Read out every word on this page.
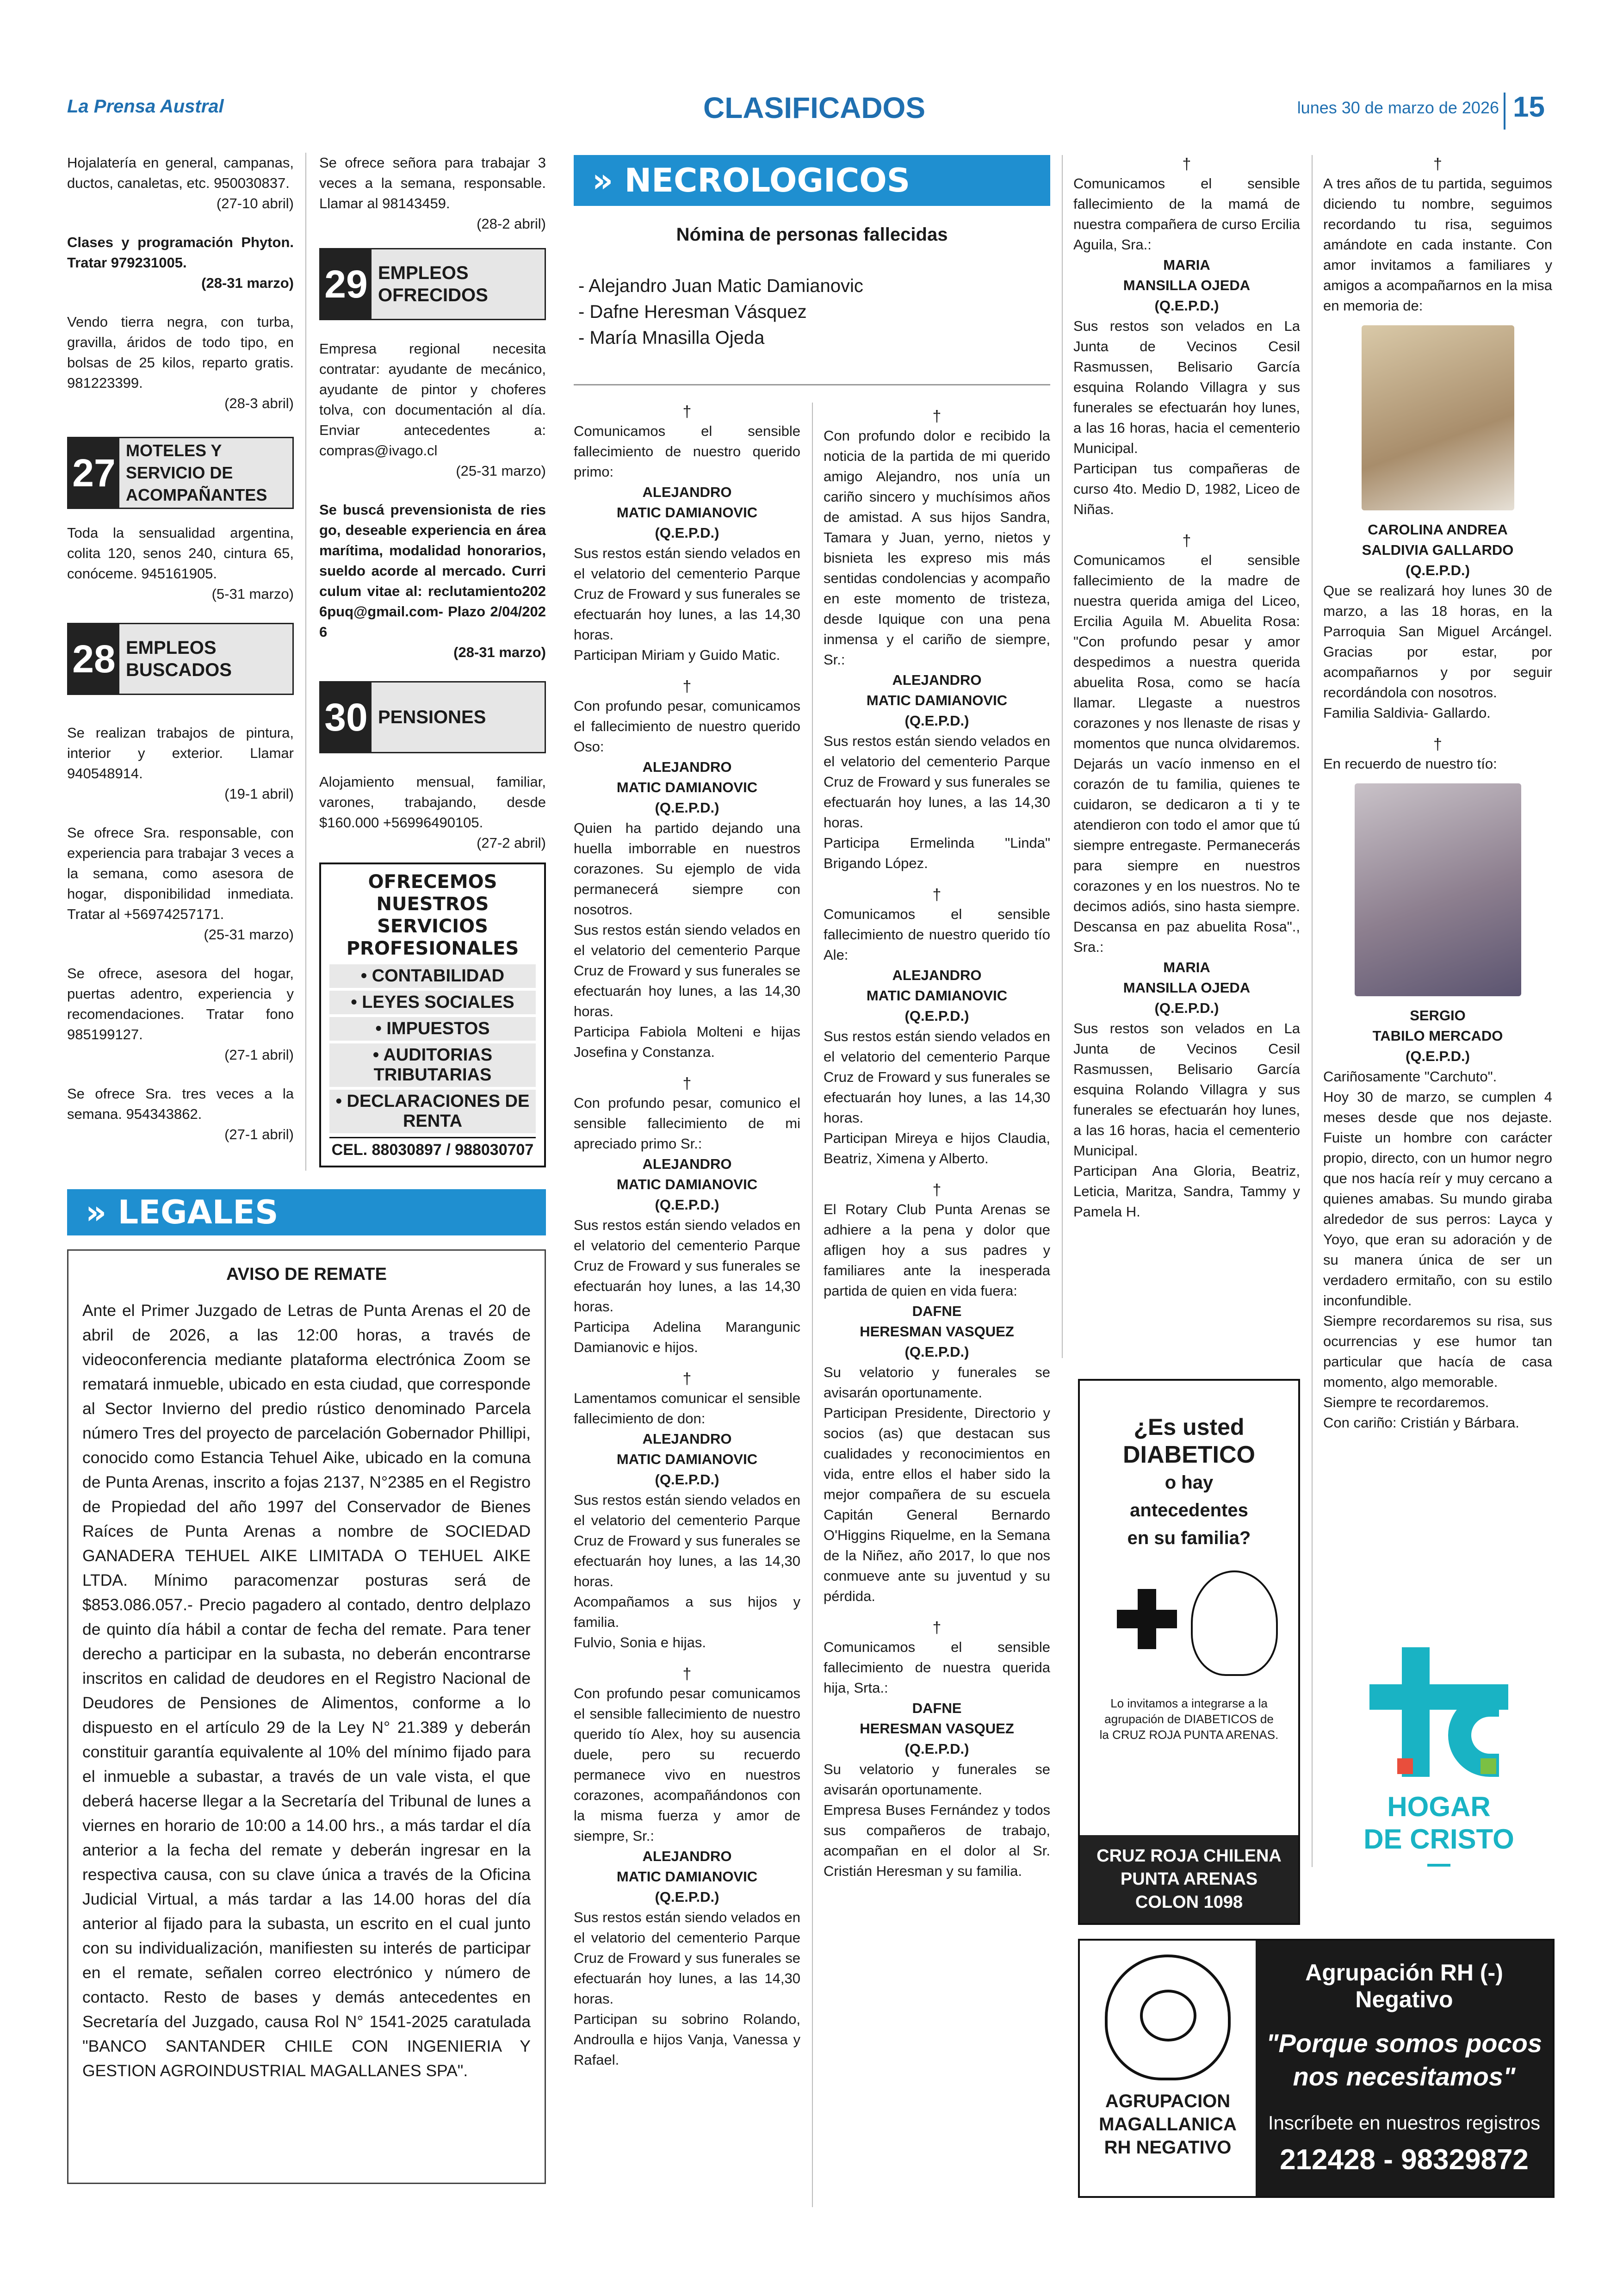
La Prensa Austral	CLASIFICADOS	lunes 30 de marzo de 2026 15

Hojalatería en general, campanas, ductos, canaletas, etc. 950030837.

(27-10 abril)

Clases y programación Phyton. Tratar 979231005.

(28-31 marzo)

Vendo tierra negra, con turba, gravilla, áridos de todo tipo, en bolsas de 25 kilos, reparto gratis. 981223399.

(28-3 abril)

27
MOTELES Y SERVICIO DE ACOMPAÑANTES

Toda la sensualidad argentina, colita 120, senos 240, cintura 65, conóceme. 945161905.

(5-31 marzo)

28 EMPLEOS BUSCADOS

Se realizan trabajos de pintura, interior y exterior. Llamar 940548914.

(19-1 abril)

Se ofrece Sra. responsable, con experiencia para trabajar 3 veces a la semana, como asesora de hogar, disponibilidad inmediata. Tratar al +56974257171.

(25-31 marzo)

Se ofrece, asesora del hogar, puertas adentro, experiencia y recomendaciones. Tratar fono 985199127.

(27-1 abril)

Se ofrece Sra. tres veces a la semana. 954343862.

(27-1 abril)

Se ofrece señora para trabajar 3 veces a la semana, responsable. Llamar al 98143459.

(28-2 abril)

29 EMPLEOS OFRECIDOS

Empresa regional necesita contratar: ayudante de mecánico, ayudante de pintor y choferes tolva, con documentación al día. Enviar antecedentes a: compras@ivago.cl

(25-31 marzo)

Se buscá prevensionista de riesgo, deseable experiencia en área marítima, modalidad honorarios, sueldo acorde al mercado. Curriculum vitae al: reclutamiento2026puq@gmail.com- Plazo 2/04/2026

(28-31 marzo)

30 PENSIONES

Alojamiento mensual, familiar, varones, trabajando, desde $160.000 +56996490105.

(27-2 abril)

OFRECEMOS NUESTROS SERVICIOS PROFESIONALES
• CONTABILIDAD
• LEYES SOCIALES
• IMPUESTOS
• AUDITORIAS TRIBUTARIAS
• DECLARACIONES DE RENTA
CEL. 88030897 / 988030707
» LEGALES
AVISO DE REMATE
Ante el Primer Juzgado de Letras de Punta Arenas el 20 de abril de 2026, a las 12:00 horas, a través de videoconferencia mediante plataforma electrónica Zoom se rematará inmueble, ubicado en esta ciudad, que corresponde al Sector Invierno del predio rústico denominado Parcela número Tres del proyecto de parcelación Gobernador Phillipi, conocido como Estancia Tehuel Aike, ubicado en la comuna de Punta Arenas, inscrito a fojas 2137, N°2385 en el Registro de Propiedad del año 1997 del Conservador de Bienes Raíces de Punta Arenas a nombre de SOCIEDAD GANADERA TEHUEL AIKE LIMITADA O TEHUEL AIKE LTDA. Mínimo paracomenzar posturas será de $853.086.057.- Precio pagadero al contado, dentro delplazo de quinto día hábil a contar de fecha del remate. Para tener derecho a participar en la subasta, no deberán encontrarse inscritos en calidad de deudores en el Registro Nacional de Deudores de Pensiones de Alimentos, conforme a lo dispuesto en el artículo 29 de la Ley N° 21.389 y deberán constituir garantía equivalente al 10% del mínimo fijado para el inmueble a subastar, a través de un vale vista, el que deberá hacerse llegar a la Secretaría del Tribunal de lunes a viernes en horario de 10:00 a 14.00 hrs., a más tardar el día anterior a la fecha del remate y deberán ingresar en la respectiva causa, con su clave única a través de la Oficina Judicial Virtual, a más tardar a las 14.00 horas del día anterior al fijado para la subasta, un escrito en el cual junto con su individualización, manifiesten su interés de participar en el remate, señalen correo electrónico y número de contacto. Resto de bases y demás antecedentes en Secretaría del Juzgado, causa Rol N° 1541-2025 caratulada "BANCO SANTANDER CHILE CON INGENIERIA Y GESTION AGROINDUSTRIAL MAGALLANES SPA".
» NECROLOGICOS
Nómina de personas fallecidas
- Alejandro Juan Matic Damianovic
- Dafne Heresman Vásquez
- María Mnasilla Ojeda
†

Comunicamos el sensible fallecimiento de nuestro querido primo:

ALEJANDRO
MATIC DAMIANOVIC
(Q.E.P.D.)

Sus restos están siendo velados en el velatorio del cementerio Parque Cruz de Froward y sus funerales se efectuarán hoy lunes, a las 14,30 horas.
Participan Miriam y Guido Matic.

†

Con profundo pesar, comunicamos el fallecimiento de nuestro querido Oso:

ALEJANDRO
MATIC DAMIANOVIC
(Q.E.P.D.)

Quien ha partido dejando una huella imborrable en nuestros corazones. Su ejemplo de vida permanecerá siempre con nosotros.
Sus restos están siendo velados en el velatorio del cementerio Parque Cruz de Froward y sus funerales se efectuarán hoy lunes, a las 14,30 horas.
Participa Fabiola Molteni e hijas Josefina y Constanza.

†

Con profundo pesar, comunico el sensible fallecimiento de mi apreciado primo Sr.:

ALEJANDRO
MATIC DAMIANOVIC
(Q.E.P.D.)

Sus restos están siendo velados en el velatorio del cementerio Parque Cruz de Froward y sus funerales se efectuarán hoy lunes, a las 14,30 horas.
Participa Adelina Marangunic Damianovic e hijos.

†

Lamentamos comunicar el sensible fallecimiento de don:

ALEJANDRO
MATIC DAMIANOVIC
(Q.E.P.D.)

Sus restos están siendo velados en el velatorio del cementerio Parque Cruz de Froward y sus funerales se efectuarán hoy lunes, a las 14,30 horas.
Acompañamos a sus hijos y familia.
Fulvio, Sonia e hijas.

†

Con profundo pesar comunicamos el sensible fallecimiento de nuestro querido tío Alex, hoy su ausencia duele, pero su recuerdo permanece vivo en nuestros corazones, acompañándonos con la misma fuerza y amor de siempre, Sr.:

ALEJANDRO
MATIC DAMIANOVIC
(Q.E.P.D.)

Sus restos están siendo velados en el velatorio del cementerio Parque Cruz de Froward y sus funerales se efectuarán hoy lunes, a las 14,30 horas.
Participan su sobrino Rolando, Androulla e hijos Vanja, Vanessa y Rafael.

†

Con profundo dolor e recibido la noticia de la partida de mi querido amigo Alejandro, nos unía un cariño sincero y muchísimos años de amistad. A sus hijos Sandra, Tamara y Juan, yerno, nietos y bisnieta les expreso mis más sentidas condolencias y acompaño en este momento de tristeza, desde Iquique con una pena inmensa y el cariño de siempre, Sr.:

ALEJANDRO
MATIC DAMIANOVIC
(Q.E.P.D.)

Sus restos están siendo velados en el velatorio del cementerio Parque Cruz de Froward y sus funerales se efectuarán hoy lunes, a las 14,30 horas.
Participa Ermelinda "Linda" Brigando López.

†

Comunicamos el sensible fallecimiento de nuestro querido tío Ale:

ALEJANDRO
MATIC DAMIANOVIC
(Q.E.P.D.)

Sus restos están siendo velados en el velatorio del cementerio Parque Cruz de Froward y sus funerales se efectuarán hoy lunes, a las 14,30 horas.
Participan Mireya e hijos Claudia, Beatriz, Ximena y Alberto.

†

El Rotary Club Punta Arenas se adhiere a la pena y dolor que afligen hoy a sus padres y familiares ante la inesperada partida de quien en vida fuera:

DAFNE
HERESMAN VASQUEZ
(Q.E.P.D.)

Su velatorio y funerales se avisarán oportunamente.
Participan Presidente, Directorio y socios (as) que destacan sus cualidades y reconocimientos en vida, entre ellos el haber sido la mejor compañera de su escuela Capitán General Bernardo O'Higgins Riquelme, en la Semana de la Niñez, año 2017, lo que nos conmueve ante su juventud y su pérdida.

†

Comunicamos el sensible fallecimiento de nuestra querida hija, Srta.:

DAFNE
HERESMAN VASQUEZ
(Q.E.P.D.)

Su velatorio y funerales se avisarán oportunamente.
Empresa Buses Fernández y todos sus compañeros de trabajo, acompañan en el dolor al Sr. Cristián Heresman y su familia.

†

Comunicamos el sensible fallecimiento de la mamá de nuestra compañera de curso Ercilia Aguila, Sra.:

MARIA
MANSILLA OJEDA
(Q.E.P.D.)

Sus restos son velados en La Junta de Vecinos Cesil Rasmussen, Belisario García esquina Rolando Villagra y sus funerales se efectuarán hoy lunes, a las 16 horas, hacia el cementerio Municipal.
Participan tus compañeras de curso 4to. Medio D, 1982, Liceo de Niñas.

†

Comunicamos el sensible fallecimiento de la madre de nuestra querida amiga del Liceo, Ercilia Aguila M. Abuelita Rosa: "Con profundo pesar y amor despedimos a nuestra querida abuelita Rosa, como se hacía llamar. Llegaste a nuestros corazones y nos llenaste de risas y momentos que nunca olvidaremos. Dejarás un vacío inmenso en el corazón de tu familia, quienes te cuidaron, se dedicaron a ti y te atendieron con todo el amor que tú siempre entregaste. Permanecerás para siempre en nuestros corazones y en los nuestros. No te decimos adiós, sino hasta siempre. Descansa en paz abuelita Rosa"., Sra.:

MARIA
MANSILLA OJEDA
(Q.E.P.D.)

Sus restos son velados en La Junta de Vecinos Cesil Rasmussen, Belisario García esquina Rolando Villagra y sus funerales se efectuarán hoy lunes, a las 16 horas, hacia el cementerio Municipal.
Participan Ana Gloria, Beatriz, Leticia, Maritza, Sandra, Tammy y Pamela H.

¿Es usted
DIABETICO
o hay
antecedentes
en su familia?
Lo invitamos a integrarse a la agrupación de DIABETICOS de la CRUZ ROJA PUNTA ARENAS.
CRUZ ROJA CHILENA
PUNTA ARENAS
COLON 1098
†

A tres años de tu partida, seguimos diciendo tu nombre, seguimos recordando tu risa, seguimos amándote en cada instante. Con amor invitamos a familiares y amigos a acompañarnos en la misa en memoria de:

CAROLINA ANDREA
SALDIVIA GALLARDO
(Q.E.P.D.)

Que se realizará hoy lunes 30 de marzo, a las 18 horas, en la Parroquia San Miguel Arcángel. Gracias por estar, por acompañarnos y por seguir recordándola con nosotros.
Familia Saldivia- Gallardo.

†

En recuerdo de nuestro tío:

SERGIO
TABILO MERCADO
(Q.E.P.D.)

Cariñosamente "Carchuto".
Hoy 30 de marzo, se cumplen 4 meses desde que nos dejaste. Fuiste un hombre con carácter propio, directo, con un humor negro que nos hacía reír y muy cercano a quienes amabas. Su mundo giraba alrededor de sus perros: Layca y Yoyo, que eran su adoración y de su manera única de ser un verdadero ermitaño, con su estilo inconfundible.
Siempre recordaremos su risa, sus ocurrencias y ese humor tan particular que hacía de casa momento, algo memorable.
Siempre te recordaremos.
Con cariño: Cristián y Bárbara.

HOGAR
DE CRISTO
AGRUPACION
MAGALLANICA
RH NEGATIVO
Agrupación RH (-) Negativo
"Porque somos pocos nos necesitamos"
Inscríbete en nuestros registros
212428 - 98329872
